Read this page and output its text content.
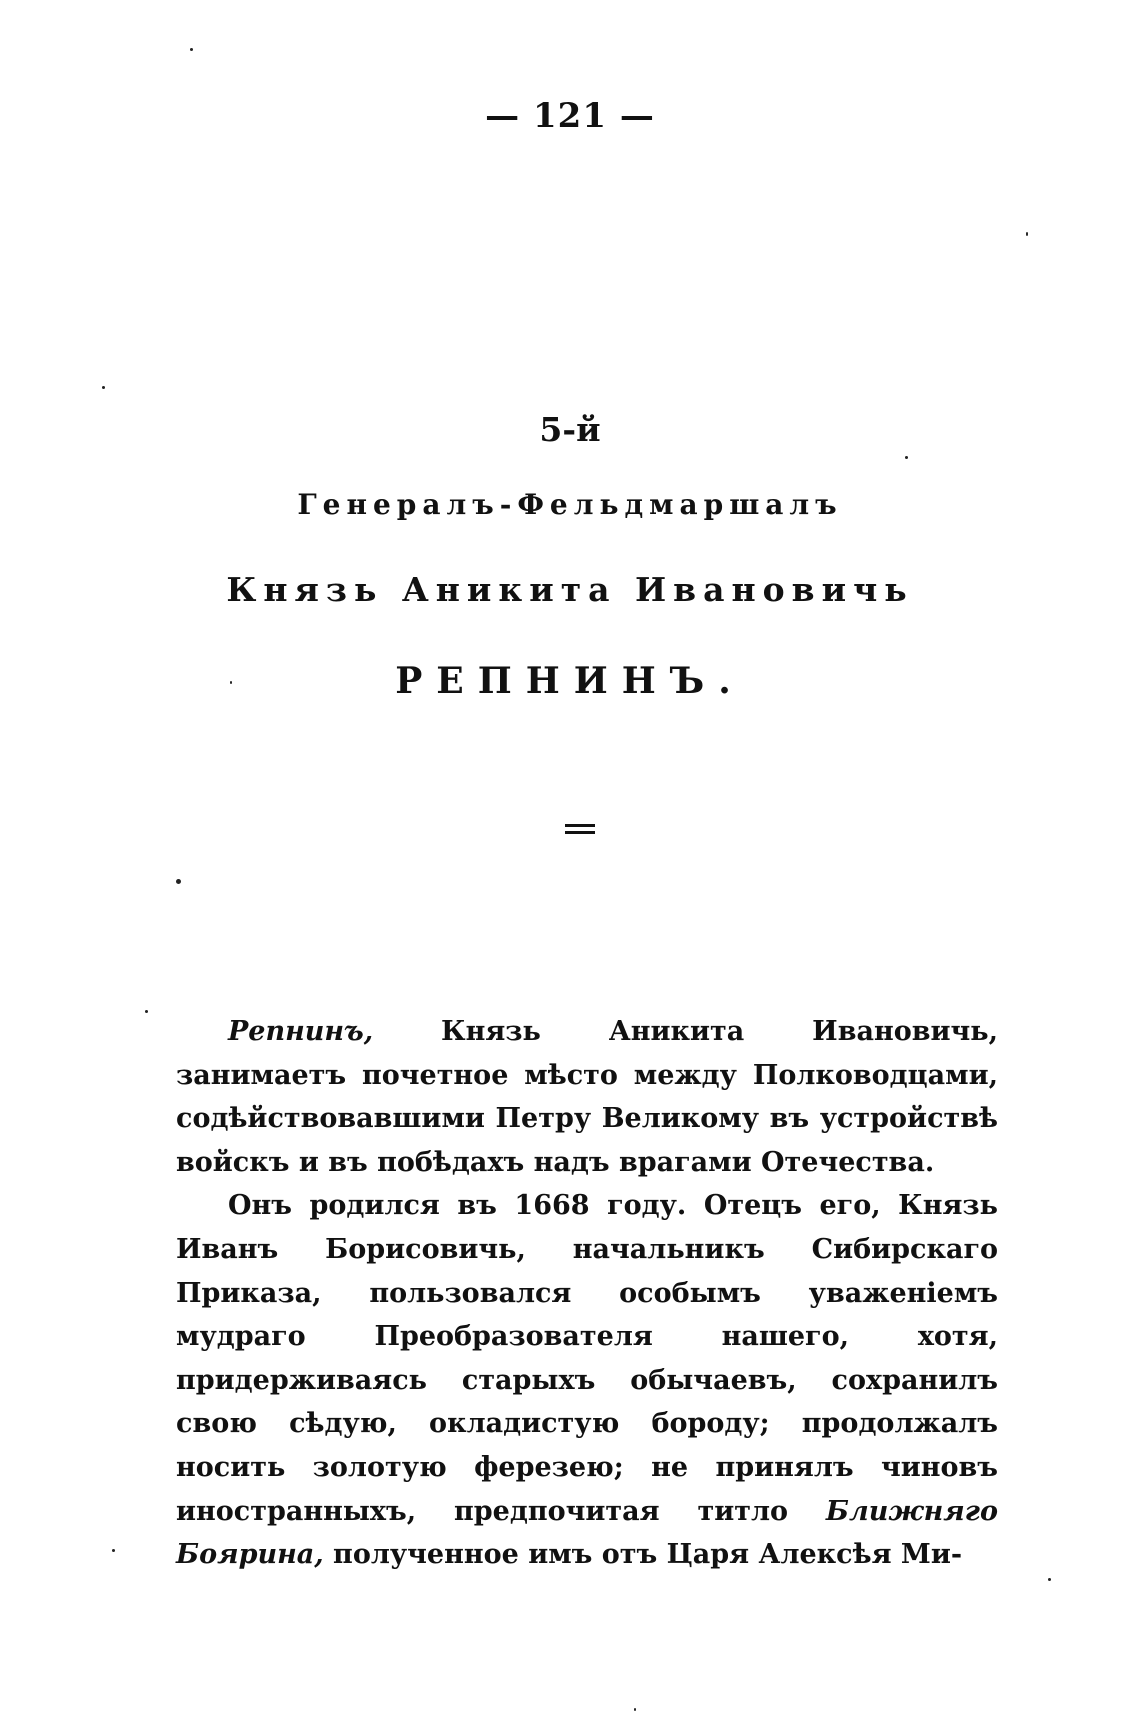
— 121 —
5-й
Генералъ-Фельдмаршалъ
Князь Аникита Ивановичь
РЕПНИНЪ.

Репнинъ, Князь Аникита Ивановичь, занимаетъ почетное мѣсто между Полководцами, содѣйствовавшими Петру Великому въ устройствѣ войскъ и въ побѣдахъ надъ врагами Отечества.

Онъ родился въ 1668 году. Отецъ его, Князь Иванъ Борисовичь, начальникъ Сибирскаго Приказа, пользовался особымъ уваженіемъ мудраго Преобразователя нашего, хотя, придерживаясь старыхъ обычаевъ, сохранилъ свою сѣдую, окладистую бороду; продолжалъ носить золотую ферезею; не принялъ чиновъ иностранныхъ, предпочитая титло Ближняго Боярина, полученное имъ отъ Царя Алексѣя Ми-
